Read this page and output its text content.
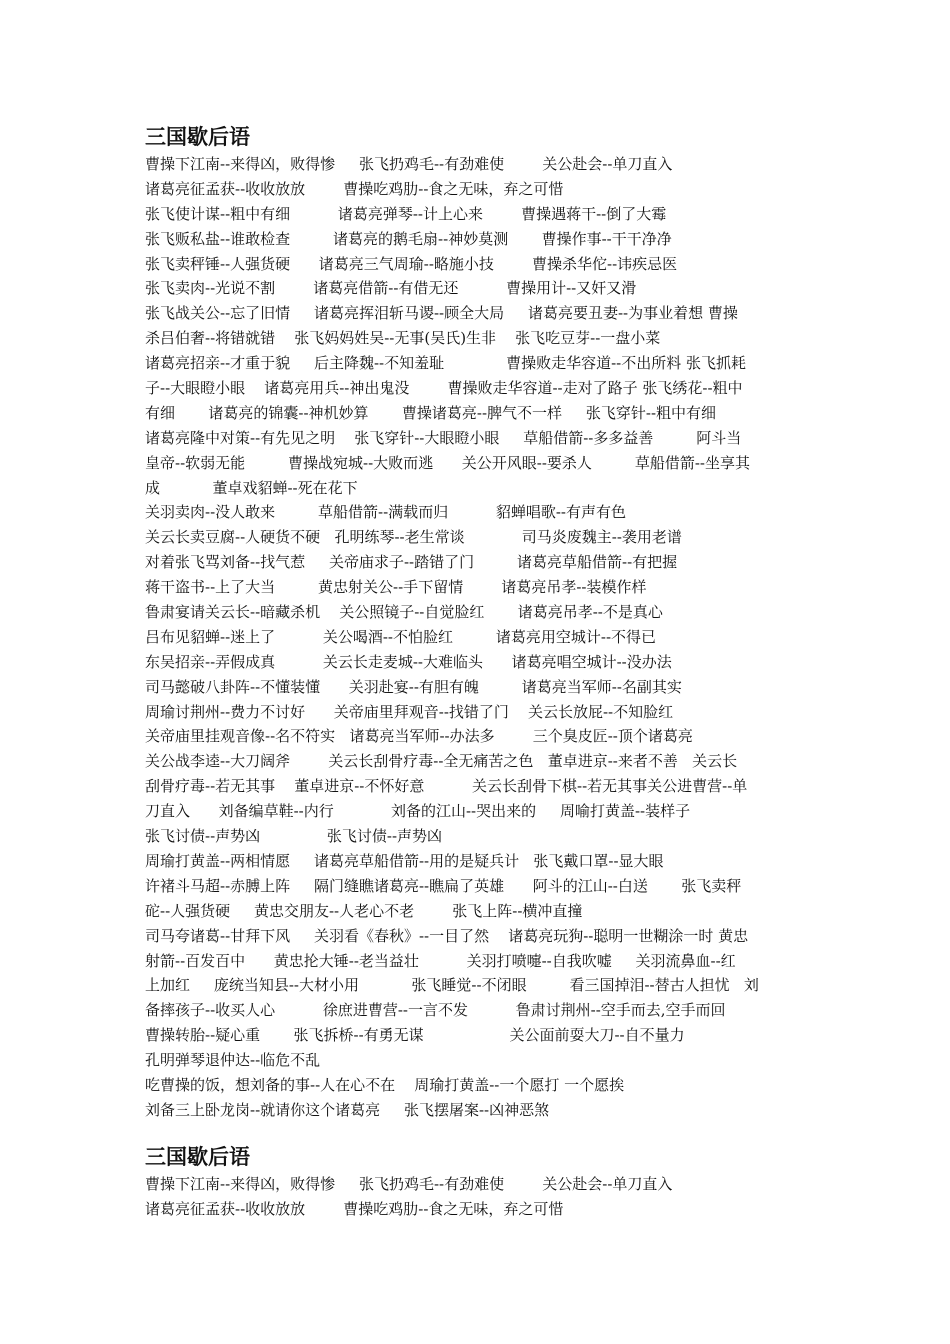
三国歇后语
曹操下江南--来得凶，败得惨     张飞扔鸡毛--有劲难使        关公赴会--单刀直入
诸葛亮征孟获--收收放放        曹操吃鸡肋--食之无味，弃之可惜
张飞使计谋--粗中有细          诸葛亮弹琴--计上心来        曹操遇蒋干--倒了大霉
张飞贩私盐--谁敢检查         诸葛亮的鹅毛扇--神妙莫测       曹操作事--干干净净
张飞卖秤锤--人强货硬      诸葛亮三气周瑜--略施小技        曹操杀华佗--讳疾忌医
张飞卖肉--光说不割        诸葛亮借箭--有借无还          曹操用计--又奸又滑
张飞战关公--忘了旧情     诸葛亮挥泪斩马谡--顾全大局     诸葛亮要丑妻--为事业着想 曹操
杀吕伯奢--将错就错    张飞妈妈姓吴--无事(吴氏)生非    张飞吃豆芽--一盘小菜
诸葛亮招亲--才重于貌     后主降魏--不知羞耻             曹操败走华容道--不出所料 张飞抓耗
子--大眼瞪小眼    诸葛亮用兵--神出鬼没        曹操败走华容道--走对了路子 张飞绣花--粗中
有细       诸葛亮的锦囊--神机妙算       曹操诸葛亮--脾气不一样     张飞穿针--粗中有细
诸葛亮隆中对策--有先见之明    张飞穿针--大眼瞪小眼     草船借箭--多多益善         阿斗当
皇帝--软弱无能         曹操战宛城--大败而逃      关公开风眼--要杀人         草船借箭--坐享其
成           董卓戏貂蝉--死在花下
关羽卖肉--没人敢来         草船借箭--满载而归          貂蝉唱歌--有声有色
关云长卖豆腐--人硬货不硬   孔明练琴--老生常谈            司马炎废魏主--袭用老谱
对着张飞骂刘备--找气惹     关帝庙求子--踏错了门         诸葛亮草船借箭--有把握
蒋干盗书--上了大当         黄忠射关公--手下留情        诸葛亮吊孝--装模作样
鲁肃宴请关云长--暗藏杀机    关公照镜子--自觉脸红       诸葛亮吊孝--不是真心
吕布见貂蝉--迷上了          关公喝酒--不怕脸红         诸葛亮用空城计--不得已
东吴招亲--弄假成真          关云长走麦城--大难临头      诸葛亮唱空城计--没办法
司马懿破八卦阵--不懂装懂      关羽赴宴--有胆有魄         诸葛亮当军师--名副其实
周瑜讨荆州--费力不讨好      关帝庙里拜观音--找错了门    关云长放屁--不知脸红
关帝庙里挂观音像--名不符实   诸葛亮当军师--办法多        三个臭皮匠--顶个诸葛亮
关公战李逵--大刀阔斧        关云长刮骨疗毒--全无痛苦之色   董卓进京--来者不善   关云长
刮骨疗毒--若无其事    董卓进京--不怀好意          关云长刮骨下棋--若无其事关公进曹营--单
刀直入      刘备编草鞋--内行            刘备的江山--哭出来的     周喻打黄盖--装样子
张飞讨债--声势凶              张飞讨债--声势凶
周瑜打黄盖--两相情愿     诸葛亮草船借箭--用的是疑兵计   张飞戴口罩--显大眼
许褚斗马超--赤膊上阵     隔门缝瞧诸葛亮--瞧扁了英雄      阿斗的江山--白送       张飞卖秤
砣--人强货硬     黄忠交朋友--人老心不老        张飞上阵--横冲直撞
司马夸诸葛--甘拜下风     关羽看《春秋》--一目了然    诸葛亮玩狗--聪明一世糊涂一时 黄忠
射箭--百发百中      黄忠抡大锤--老当益壮          关羽打喷嚏--自我吹嘘     关羽流鼻血--红
上加红     庞统当知县--大材小用           张飞睡觉--不闭眼         看三国掉泪--替古人担忧   刘
备摔孩子--收买人心          徐庶进曹营--一言不发          鲁肃讨荆州--空手而去,空手而回
曹操转胎--疑心重       张飞拆桥--有勇无谋                  关公面前耍大刀--自不量力
孔明弹琴退仲达--临危不乱
吃曹操的饭，想刘备的事--人在心不在    周瑜打黄盖--一个愿打 一个愿挨
刘备三上卧龙岗--就请你这个诸葛亮     张飞摆屠案--凶神恶煞
三国歇后语
曹操下江南--来得凶，败得惨     张飞扔鸡毛--有劲难使        关公赴会--单刀直入
诸葛亮征孟获--收收放放        曹操吃鸡肋--食之无味，弃之可惜
